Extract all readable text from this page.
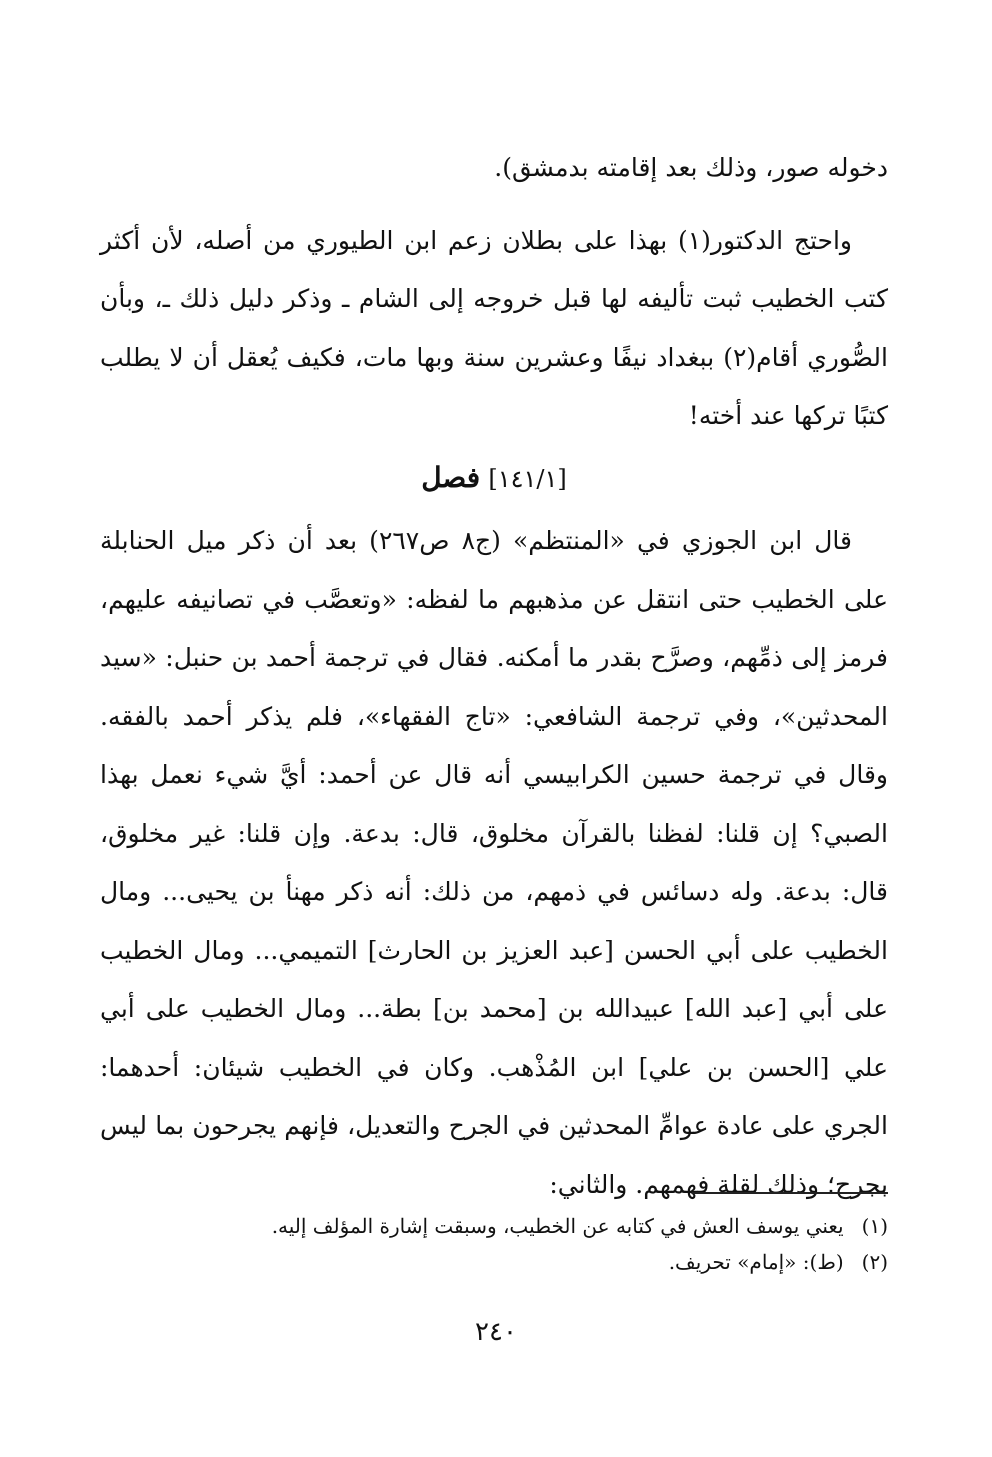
دخوله صور، وذلك بعد إقامته بدمشق).

واحتج الدكتور(١) بهذا على بطلان زعم ابن الطيوري من أصله، لأن أكثر كتب الخطيب ثبت تأليفه لها قبل خروجه إلى الشام ـ وذكر دليل ذلك ـ، وبأن الصُّوري أقام(٢) ببغداد نيفًا وعشرين سنة وبها مات، فكيف يُعقل أن لا يطلب كتبًا تركها عند أخته!

[١٤١/١] فصل

قال ابن الجوزي في «المنتظم» (ج٨ ص٢٦٧) بعد أن ذكر ميل الحنابلة على الخطيب حتى انتقل عن مذهبهم ما لفظه: «وتعصَّب في تصانيفه عليهم، فرمز إلى ذمِّهم، وصرَّح بقدر ما أمكنه. فقال في ترجمة أحمد بن حنبل: «سيد المحدثين»، وفي ترجمة الشافعي: «تاج الفقهاء»، فلم يذكر أحمد بالفقه. وقال في ترجمة حسين الكرابيسي أنه قال عن أحمد: أيَّ شيء نعمل بهذا الصبي؟ إن قلنا: لفظنا بالقرآن مخلوق، قال: بدعة. وإن قلنا: غير مخلوق، قال: بدعة. وله دسائس في ذمهم، من ذلك: أنه ذكر مهنأ بن يحيى... ومال الخطيب على أبي الحسن [عبد العزيز بن الحارث] التميمي... ومال الخطيب على أبي [عبد الله] عبيدالله بن [محمد بن] بطة... ومال الخطيب على أبي علي [الحسن بن علي] ابن المُذْهب. وكان في الخطيب شيئان: أحدهما: الجري على عادة عوامِّ المحدثين في الجرح والتعديل، فإنهم يجرحون بما ليس بجرح؛ وذلك لقلة فهمهم. والثاني:

(١)
يعني يوسف العش في كتابه عن الخطيب، وسبقت إشارة المؤلف إليه.
(٢)
(ط): «إمام» تحريف.
٢٤٠
